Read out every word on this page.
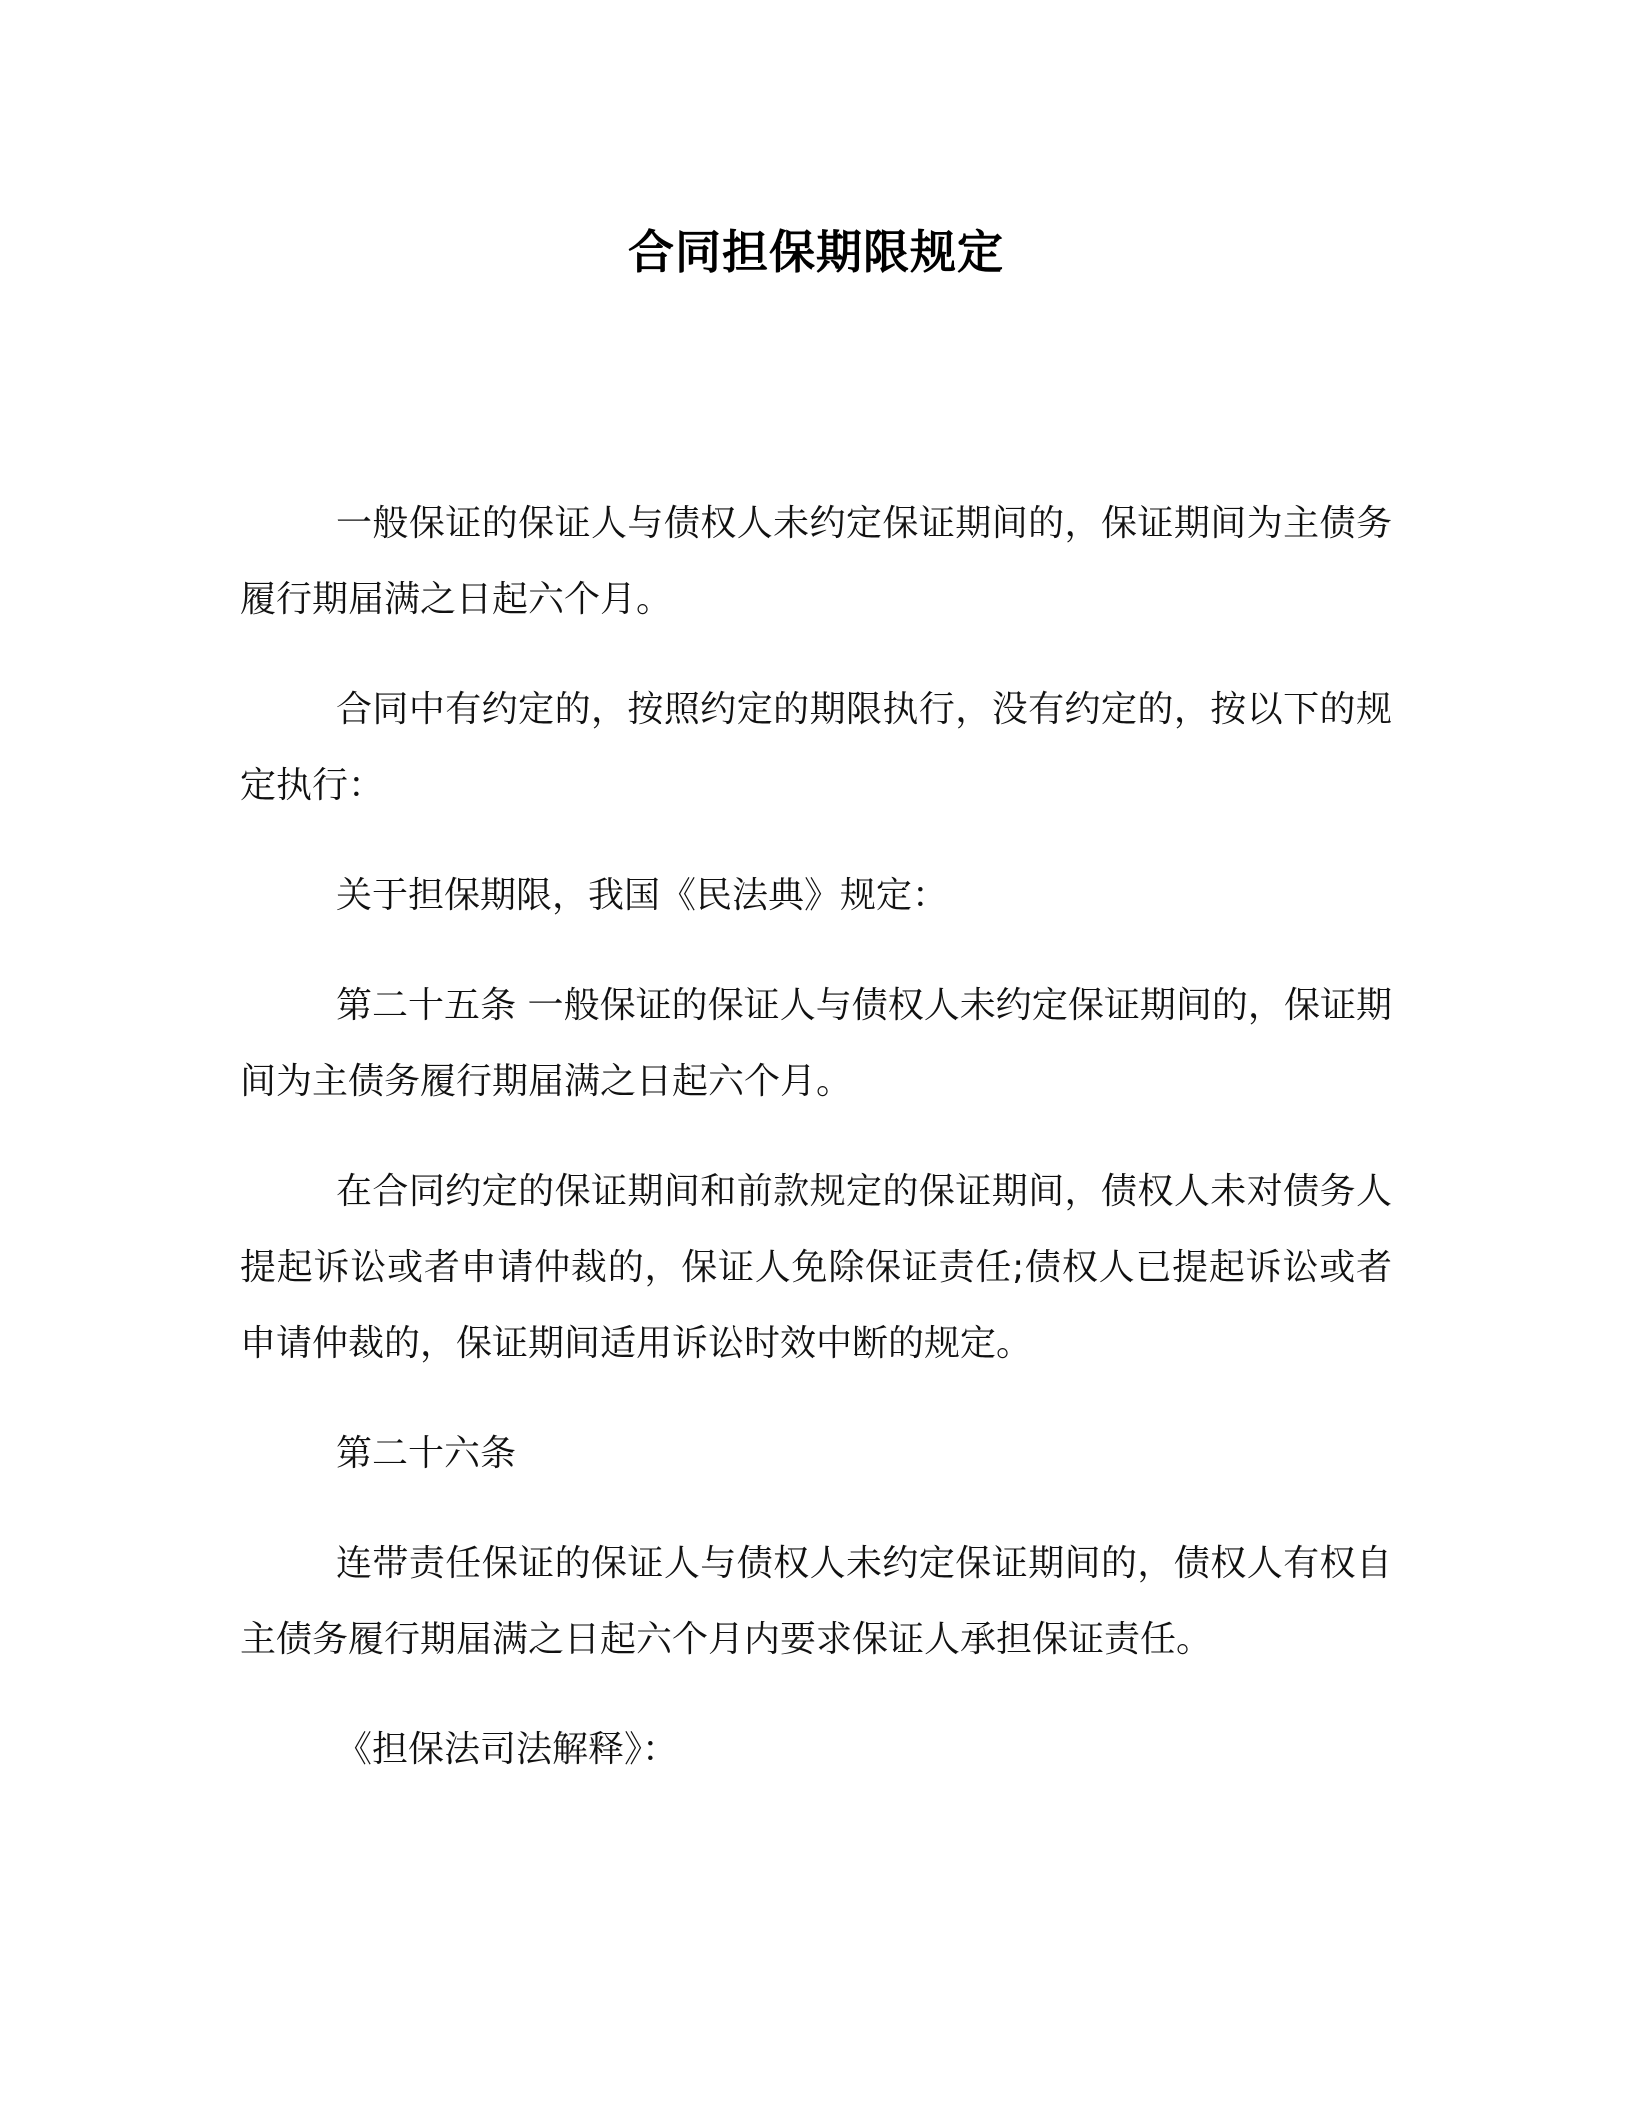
合同担保期限规定

一般保证的保证人与债权人未约定保证期间的，保证期间为主债务履行期届满之日起六个月。

合同中有约定的，按照约定的期限执行，没有约定的，按以下的规定执行：

关于担保期限，我国《民法典》规定：

第二十五条 一般保证的保证人与债权人未约定保证期间的，保证期间为主债务履行期届满之日起六个月。

在合同约定的保证期间和前款规定的保证期间，债权人未对债务人提起诉讼或者申请仲裁的，保证人免除保证责任;债权人已提起诉讼或者申请仲裁的，保证期间适用诉讼时效中断的规定。

第二十六条

连带责任保证的保证人与债权人未约定保证期间的，债权人有权自主债务履行期届满之日起六个月内要求保证人承担保证责任。

《担保法司法解释》：
